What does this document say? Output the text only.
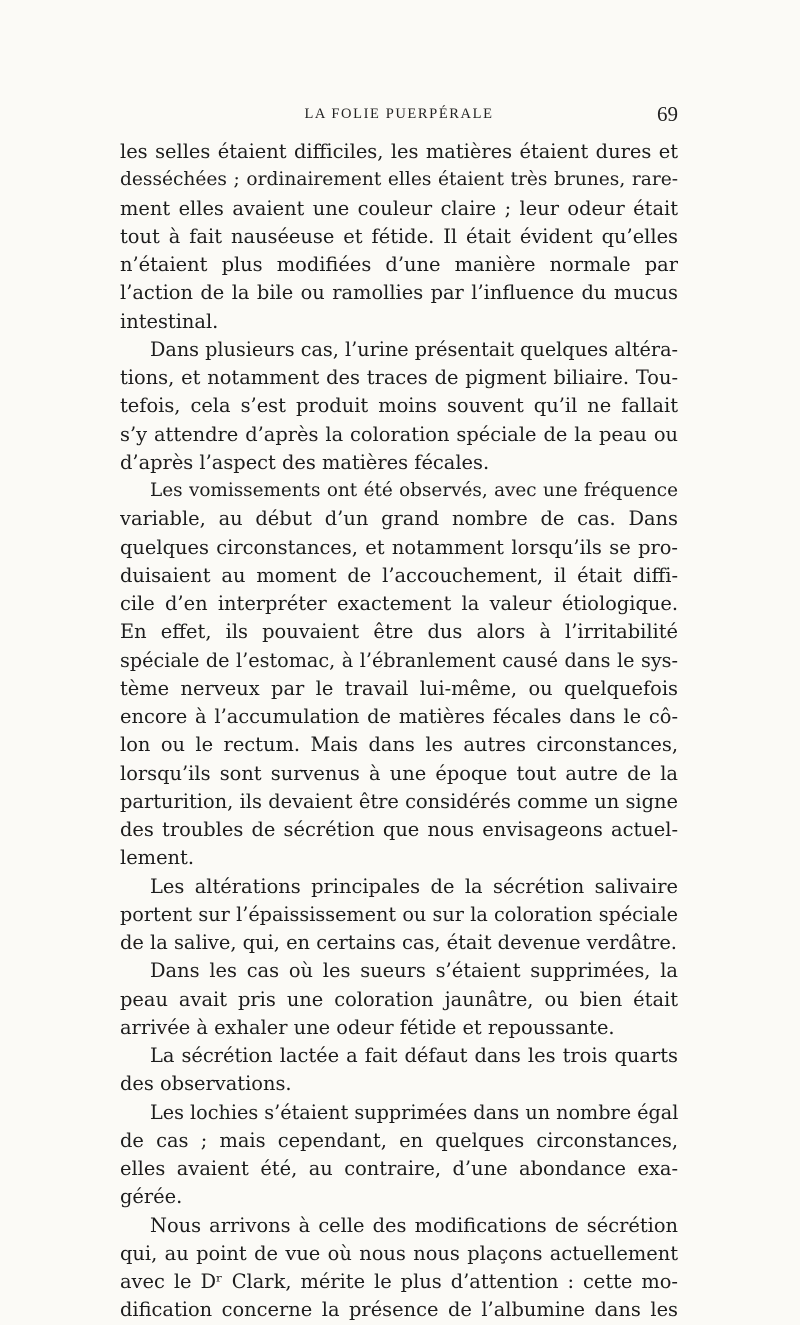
LA FOLIE PUERPÉRALE	69
les selles étaient difficiles, les matières étaient dures et
desséchées ; ordinairement elles étaient très brunes, rare-
ment elles avaient une couleur claire ; leur odeur était
tout à fait nauséeuse et fétide. Il était évident qu’elles
n’étaient plus modifiées d’une manière normale par
l’action de la bile ou ramollies par l’influence du mucus
intestinal.
Dans plusieurs cas, l’urine présentait quelques altéra-
tions, et notamment des traces de pigment biliaire. Tou-
tefois, cela s’est produit moins souvent qu’il ne fallait
s’y attendre d’après la coloration spéciale de la peau ou
d’après l’aspect des matières fécales.
Les vomissements ont été observés, avec une fréquence
variable, au début d’un grand nombre de cas. Dans
quelques circonstances, et notamment lorsqu’ils se pro-
duisaient au moment de l’accouchement, il était diffi-
cile d’en interpréter exactement la valeur étiologique.
En effet, ils pouvaient être dus alors à l’irritabilité
spéciale de l’estomac, à l’ébranlement causé dans le sys-
tème nerveux par le travail lui-même, ou quelquefois
encore à l’accumulation de matières fécales dans le cô-
lon ou le rectum. Mais dans les autres circonstances,
lorsqu’ils sont survenus à une époque tout autre de la
parturition, ils devaient être considérés comme un signe
des troubles de sécrétion que nous envisageons actuel-
lement.
Les altérations principales de la sécrétion salivaire
portent sur l’épaississement ou sur la coloration spéciale
de la salive, qui, en certains cas, était devenue verdâtre.
Dans les cas où les sueurs s’étaient supprimées, la
peau avait pris une coloration jaunâtre, ou bien était
arrivée à exhaler une odeur fétide et repoussante.
La sécrétion lactée a fait défaut dans les trois quarts
des observations.
Les lochies s’étaient supprimées dans un nombre égal
de cas ; mais cependant, en quelques circonstances,
elles avaient été, au contraire, d’une abondance exa-
gérée.
Nous arrivons à celle des modifications de sécrétion
qui, au point de vue où nous nous plaçons actuellement
avec le Dʳ Clark, mérite le plus d’attention : cette mo-
dification concerne la présence de l’albumine dans les
